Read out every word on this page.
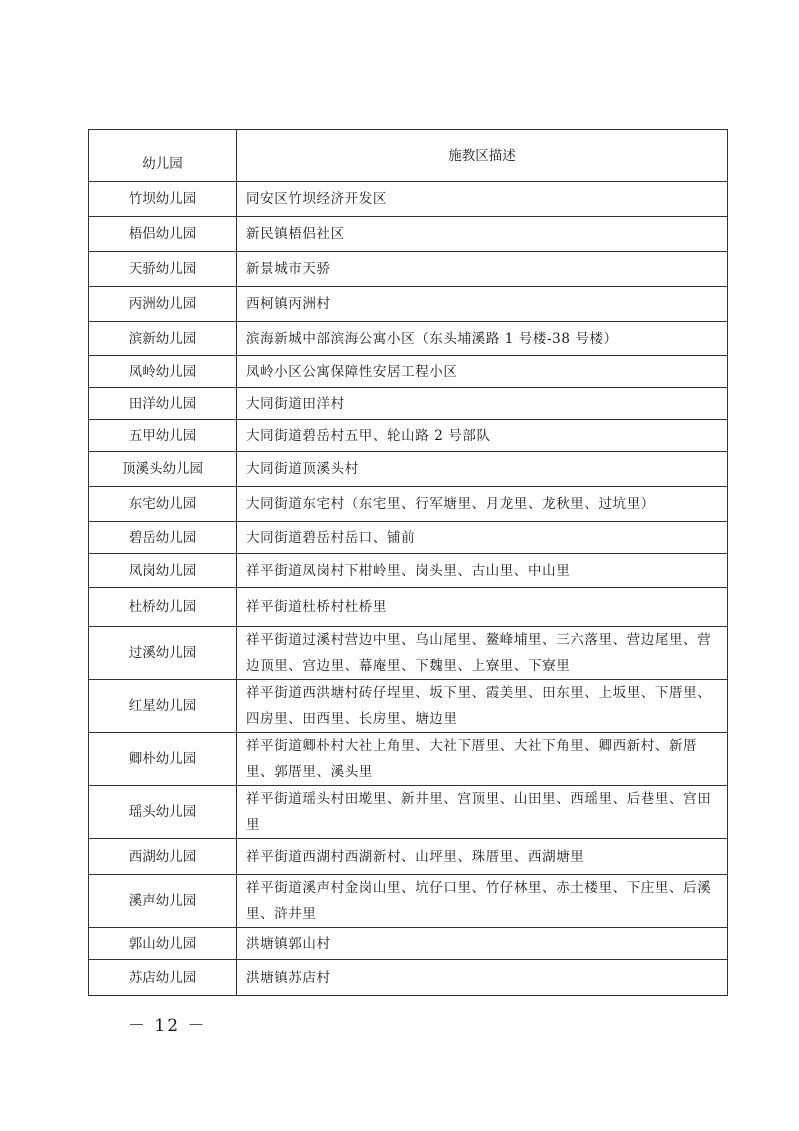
幼儿园	施教区描述
竹坝幼儿园	同安区竹坝经济开发区
梧侣幼儿园	新民镇梧侣社区
天骄幼儿园	新景城市天骄
丙洲幼儿园	西柯镇丙洲村
滨新幼儿园	滨海新城中部滨海公寓小区（东头埔溪路 1 号楼-38 号楼）
凤岭幼儿园	凤岭小区公寓保障性安居工程小区
田洋幼儿园	大同街道田洋村
五甲幼儿园	大同街道碧岳村五甲、轮山路 2 号部队
顶溪头幼儿园	大同街道顶溪头村
东宅幼儿园	大同街道东宅村（东宅里、行军塘里、月龙里、龙秋里、过坑里）
碧岳幼儿园	大同街道碧岳村岳口、铺前
凤岗幼儿园	祥平街道凤岗村下柑岭里、岗头里、古山里、中山里
杜桥幼儿园	祥平街道杜桥村杜桥里
过溪幼儿园	祥平街道过溪村营边中里、乌山尾里、鳌峰埔里、三六落里、营边尾里、营边顶里、宫边里、幕庵里、下魏里、上寮里、下寮里
红星幼儿园	祥平街道西洪塘村砖仔埕里、坂下里、霞美里、田东里、上坂里、下厝里、四房里、田西里、长房里、塘边里
卿朴幼儿园	祥平街道卿朴村大社上角里、大社下厝里、大社下角里、卿西新村、新厝里、郭厝里、溪头里
瑶头幼儿园	祥平街道瑶头村田墘里、新井里、宫顶里、山田里、西瑶里、后巷里、宫田里
西湖幼儿园	祥平街道西湖村西湖新村、山坪里、珠厝里、西湖塘里
溪声幼儿园	祥平街道溪声村金岗山里、坑仔口里、竹仔林里、赤土楼里、下庄里、后溪里、浒井里
郭山幼儿园	洪塘镇郭山村
苏店幼儿园	洪塘镇苏店村
－ 12 －
